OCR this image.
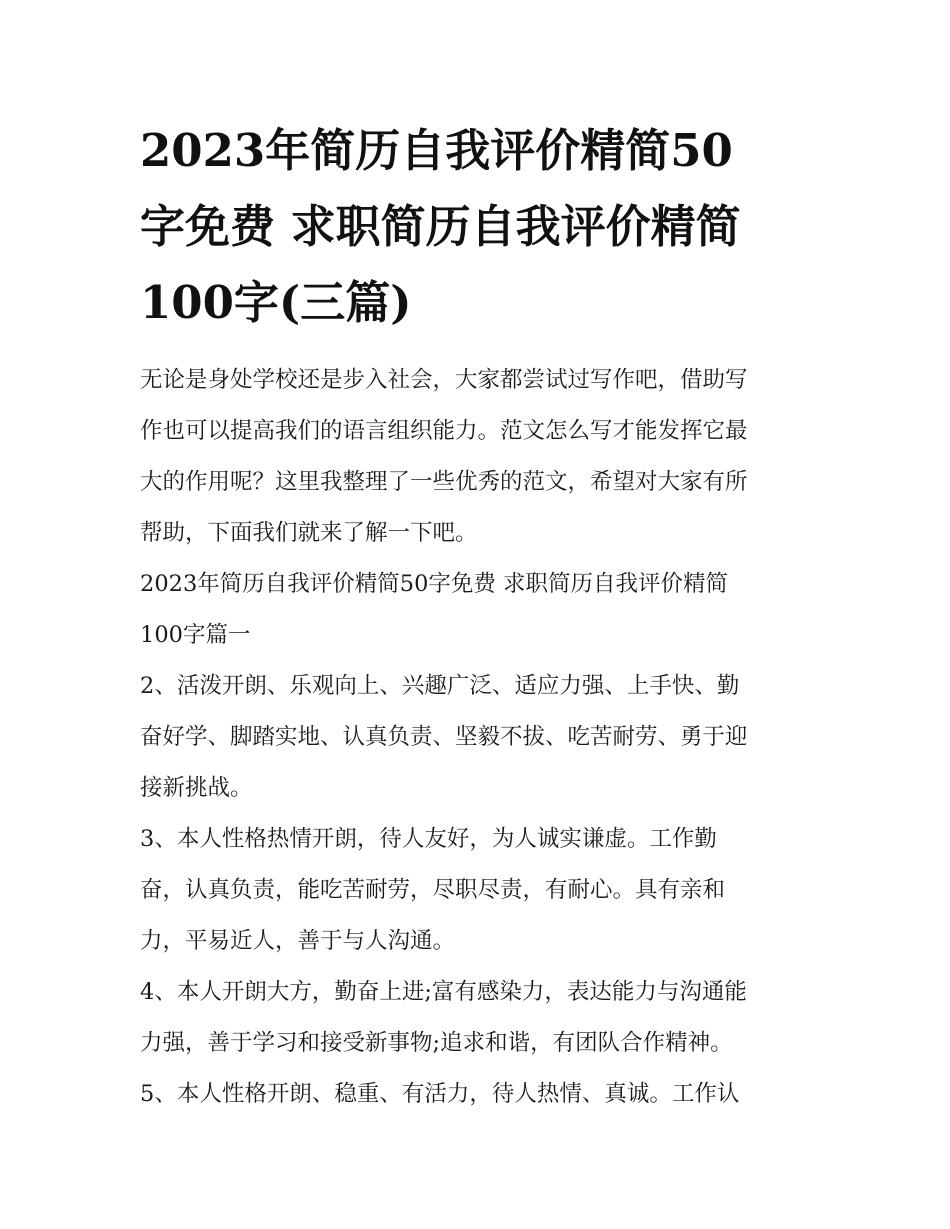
2023年简历自我评价精简50
字免费 求职简历自我评价精简
100字(三篇)

无论是身处学校还是步入社会，大家都尝试过写作吧，借助写
作也可以提高我们的语言组织能力。范文怎么写才能发挥它最
大的作用呢？这里我整理了一些优秀的范文，希望对大家有所
帮助，下面我们就来了解一下吧。

2023年简历自我评价精简50字免费 求职简历自我评价精简
100字篇一

2、活泼开朗、乐观向上、兴趣广泛、适应力强、上手快、勤
奋好学、脚踏实地、认真负责、坚毅不拔、吃苦耐劳、勇于迎
接新挑战。

3、本人性格热情开朗，待人友好，为人诚实谦虚。工作勤
奋，认真负责，能吃苦耐劳，尽职尽责，有耐心。具有亲和
力，平易近人，善于与人沟通。

4、本人开朗大方，勤奋上进;富有感染力，表达能力与沟通能
力强，善于学习和接受新事物;追求和谐，有团队合作精神。

5、本人性格开朗、稳重、有活力，待人热情、真诚。工作认
